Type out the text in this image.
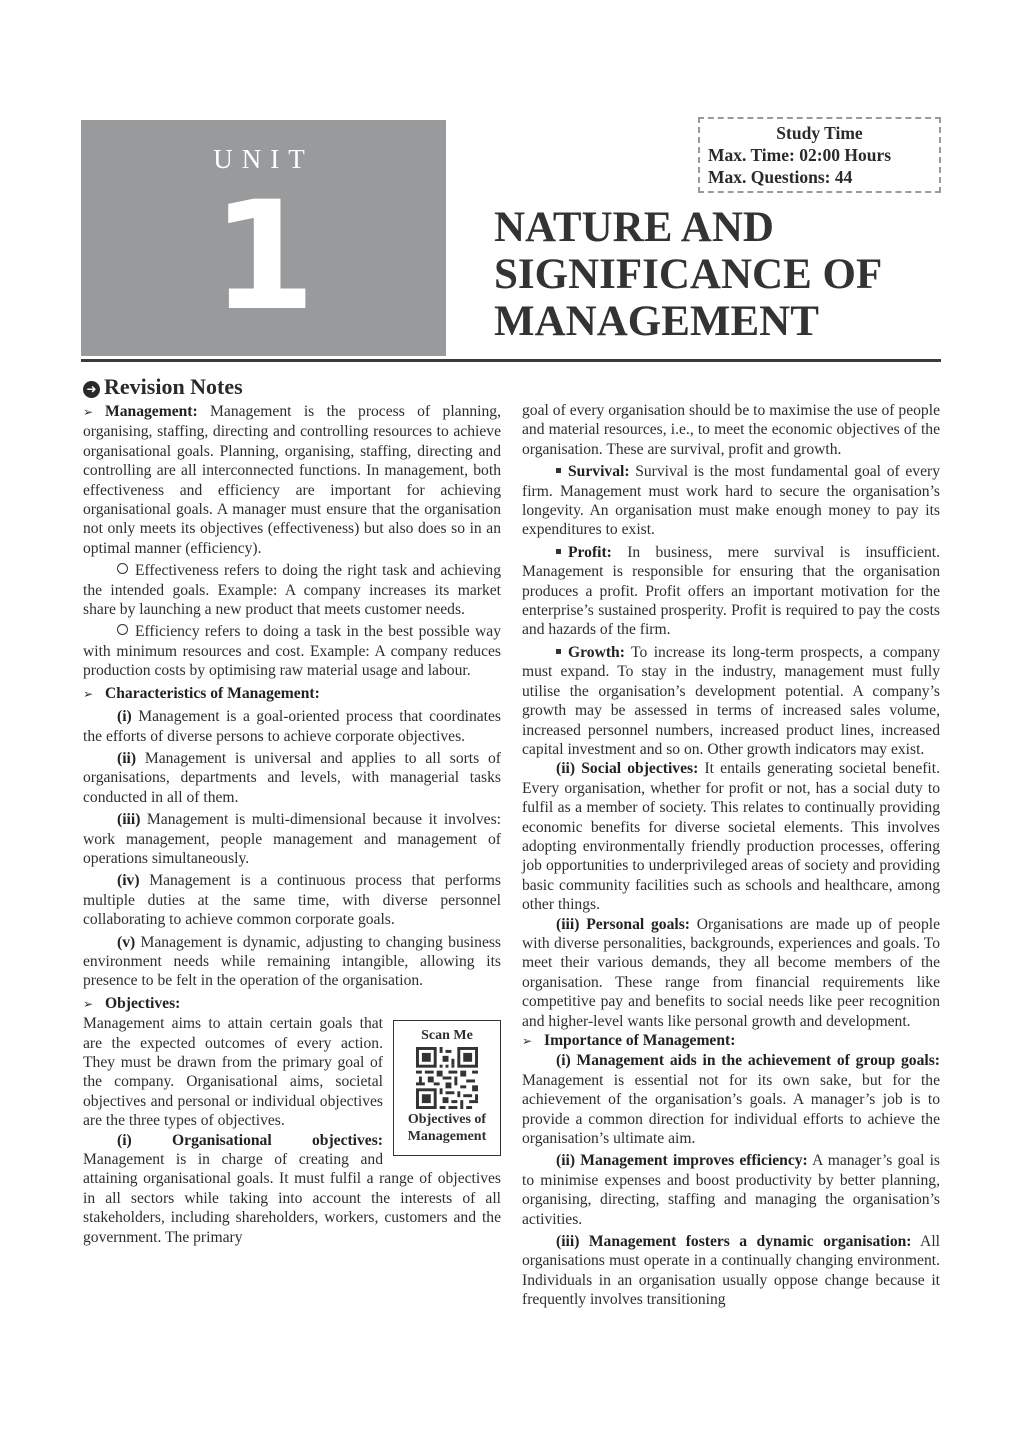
UNIT
1
Study Time
Max. Time: 02:00 Hours
Max. Questions: 44
NATURE AND
SIGNIFICANCE OF
MANAGEMENT
➜ Revision Notes

➢ Management: Management is the process of planning, organising, staffing, directing and controlling resources to achieve organisational goals. Planning, organising, staffing, directing and controlling are all interconnected functions. In management, both effectiveness and efficiency are important for achieving organisational goals. A manager must ensure that the organisation not only meets its objectives (effectiveness) but also does so in an optimal manner (efficiency).

Effectiveness refers to doing the right task and achieving the intended goals. Example: A company increases its market share by launching a new product that meets customer needs.

Efficiency refers to doing a task in the best possible way with minimum resources and cost. Example: A company reduces production costs by optimising raw material usage and labour.

➢ Characteristics of Management:

(i) Management is a goal-oriented process that coordinates the efforts of diverse persons to achieve corporate objectives.

(ii) Management is universal and applies to all sorts of organisations, departments and levels, with managerial tasks conducted in all of them.

(iii) Management is multi-dimensional because it involves: work management, people management and management of operations simultaneously.

(iv) Management is a continuous process that performs multiple duties at the same time, with diverse personnel collaborating to achieve common corporate goals.

(v) Management is dynamic, adjusting to changing business environment needs while remaining intangible, allowing its presence to be felt in the operation of the organisation.

➢ Objectives:

Scan Me
Objectives of Management

Management aims to attain certain goals that are the expected outcomes of every action. They must be drawn from the primary goal of the company. Organisational aims, societal objectives and personal or individual objectives are the three types of objectives.

(i)	Organisational objectives: Management is in charge of creating and attaining organisational goals. It must fulfil a range of objectives in all sectors while taking into account the interests of all stakeholders, including shareholders, workers, customers and the government. The primary

goal of every organisation should be to maximise the use of people and material resources, i.e., to meet the economic objectives of the organisation. These are survival, profit and growth.

Survival: Survival is the most fundamental goal of every firm. Management must work hard to secure the organisation’s longevity. An organisation must make enough money to pay its expenditures to exist.

Profit: In business, mere survival is insufficient. Management is responsible for ensuring that the organisation produces a profit. Profit offers an important motivation for the enterprise’s sustained prosperity. Profit is required to pay the costs and hazards of the firm.

Growth: To increase its long-term prospects, a company must expand. To stay in the industry, management must fully utilise the organisation’s development potential. A company’s growth may be assessed in terms of increased sales volume, increased personnel numbers, increased product lines, increased capital investment and so on. Other growth indicators may exist.

(ii) Social objectives: It entails generating societal benefit. Every organisation, whether for profit or not, has a social duty to fulfil as a member of society. This relates to continually providing economic benefits for diverse societal elements. This involves adopting environmentally friendly production processes, offering job opportunities to underprivileged areas of society and providing basic community facilities such as schools and healthcare, among other things.

(iii) Personal goals: Organisations are made up of people with diverse personalities, backgrounds, experiences and goals. To meet their various demands, they all become members of the organisation. These range from financial requirements like competitive pay and benefits to social needs like peer recognition and higher-level wants like personal growth and development.

➢ Importance of Management:

(i) Management aids in the achievement of group goals: Management is essential not for its own sake, but for the achievement of the organisation’s goals. A manager’s job is to provide a common direction for individual efforts to achieve the organisation’s ultimate aim.

(ii) Management improves efficiency: A manager’s goal is to minimise expenses and boost productivity by better planning, organising, directing, staffing and managing the organisation’s activities.

(iii) Management fosters a dynamic organisation: All organisations must operate in a continually changing environment. Individuals in an organisation usually oppose change because it frequently involves transitioning
